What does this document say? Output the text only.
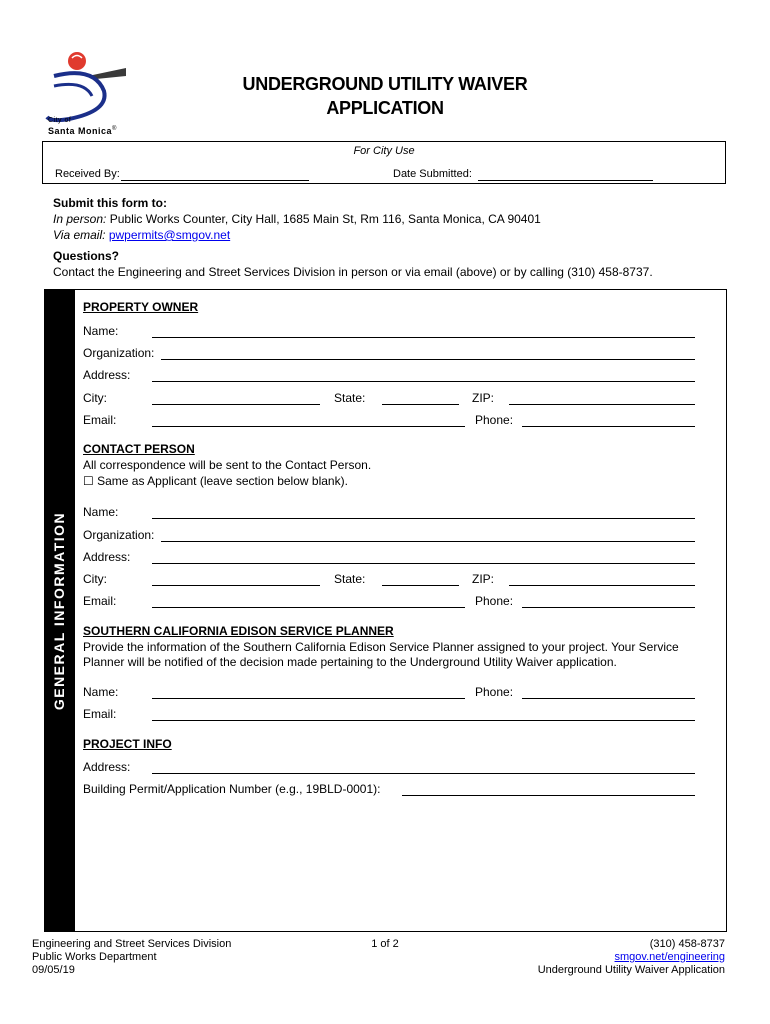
City of
Santa Monica®
UNDERGROUND UTILITY WAIVER
APPLICATION
For City Use
Received By:	Date Submitted:
Submit this form to:
In person: Public Works Counter, City Hall, 1685 Main St, Rm 116, Santa Monica, CA 90401
Via email: pwpermits@smgov.net
Questions?
Contact the Engineering and Street Services Division in person or via email (above) or by calling (310) 458-8737.
GENERAL INFORMATION
PROPERTY OWNER
Name:
Organization:
Address:
City:	State:	ZIP:
Email:	Phone:
CONTACT PERSON
All correspondence will be sent to the Contact Person.
☐ Same as Applicant (leave section below blank).
Name:
Organization:
Address:
City:	State:	ZIP:
Email:	Phone:
SOUTHERN CALIFORNIA EDISON SERVICE PLANNER
Provide the information of the Southern California Edison Service Planner assigned to your project. Your Service
Planner will be notified of the decision made pertaining to the Underground Utility Waiver application.
Name:	Phone:
Email:
PROJECT INFO
Address:
Building Permit/Application Number (e.g., 19BLD-0001):
Engineering and Street Services Division
Public Works Department
09/05/19
1 of 2	(310) 458-8737
smgov.net/engineering
Underground Utility Waiver Application
